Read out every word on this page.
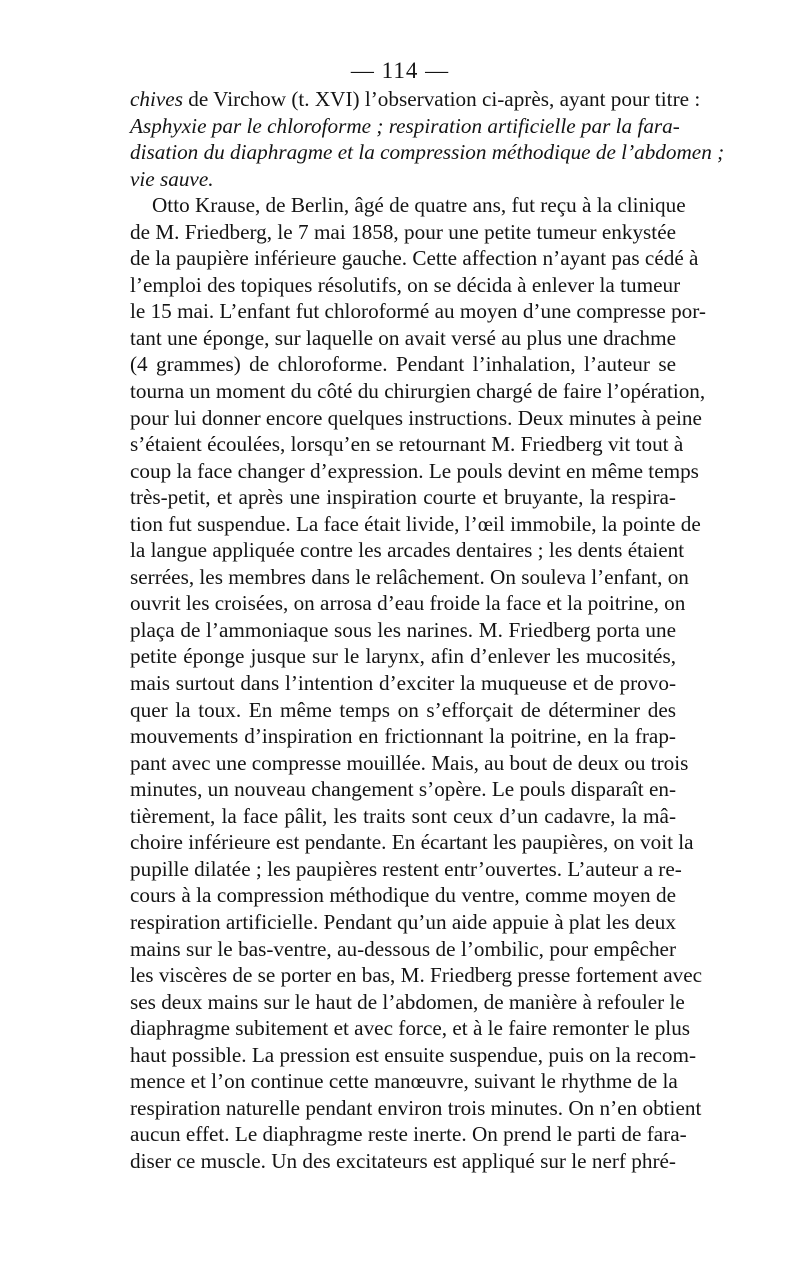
— 114 —
chives de Virchow (t. XVI) l’observation ci-après, ayant pour titre :
Asphyxie par le chloroforme ; respiration artificielle par la fara-
disation du diaphragme et la compression méthodique de l’abdomen ;
vie sauve.
Otto Krause, de Berlin, âgé de quatre ans, fut reçu à la clinique
de M. Friedberg, le 7 mai 1858, pour une petite tumeur enkystée
de la paupière inférieure gauche. Cette affection n’ayant pas cédé à
l’emploi des topiques résolutifs, on se décida à enlever la tumeur
le 15 mai. L’enfant fut chloroformé au moyen d’une compresse por-
tant une éponge, sur laquelle on avait versé au plus une drachme
(4 grammes) de chloroforme. Pendant l’inhalation, l’auteur se
tourna un moment du côté du chirurgien chargé de faire l’opération,
pour lui donner encore quelques instructions. Deux minutes à peine
s’étaient écoulées, lorsqu’en se retournant M. Friedberg vit tout à
coup la face changer d’expression. Le pouls devint en même temps
très-petit, et après une inspiration courte et bruyante, la respira-
tion fut suspendue. La face était livide, l’œil immobile, la pointe de
la langue appliquée contre les arcades dentaires ; les dents étaient
serrées, les membres dans le relâchement. On souleva l’enfant, on
ouvrit les croisées, on arrosa d’eau froide la face et la poitrine, on
plaça de l’ammoniaque sous les narines. M. Friedberg porta une
petite éponge jusque sur le larynx, afin d’enlever les mucosités,
mais surtout dans l’intention d’exciter la muqueuse et de provo-
quer la toux. En même temps on s’efforçait de déterminer des
mouvements d’inspiration en frictionnant la poitrine, en la frap-
pant avec une compresse mouillée. Mais, au bout de deux ou trois
minutes, un nouveau changement s’opère. Le pouls disparaît en-
tièrement, la face pâlit, les traits sont ceux d’un cadavre, la mâ-
choire inférieure est pendante. En écartant les paupières, on voit la
pupille dilatée ; les paupières restent entr’ouvertes. L’auteur a re-
cours à la compression méthodique du ventre, comme moyen de
respiration artificielle. Pendant qu’un aide appuie à plat les deux
mains sur le bas-ventre, au-dessous de l’ombilic, pour empêcher
les viscères de se porter en bas, M. Friedberg presse fortement avec
ses deux mains sur le haut de l’abdomen, de manière à refouler le
diaphragme subitement et avec force, et à le faire remonter le plus
haut possible. La pression est ensuite suspendue, puis on la recom-
mence et l’on continue cette manœuvre, suivant le rhythme de la
respiration naturelle pendant environ trois minutes. On n’en obtient
aucun effet. Le diaphragme reste inerte. On prend le parti de fara-
diser ce muscle. Un des excitateurs est appliqué sur le nerf phré-
